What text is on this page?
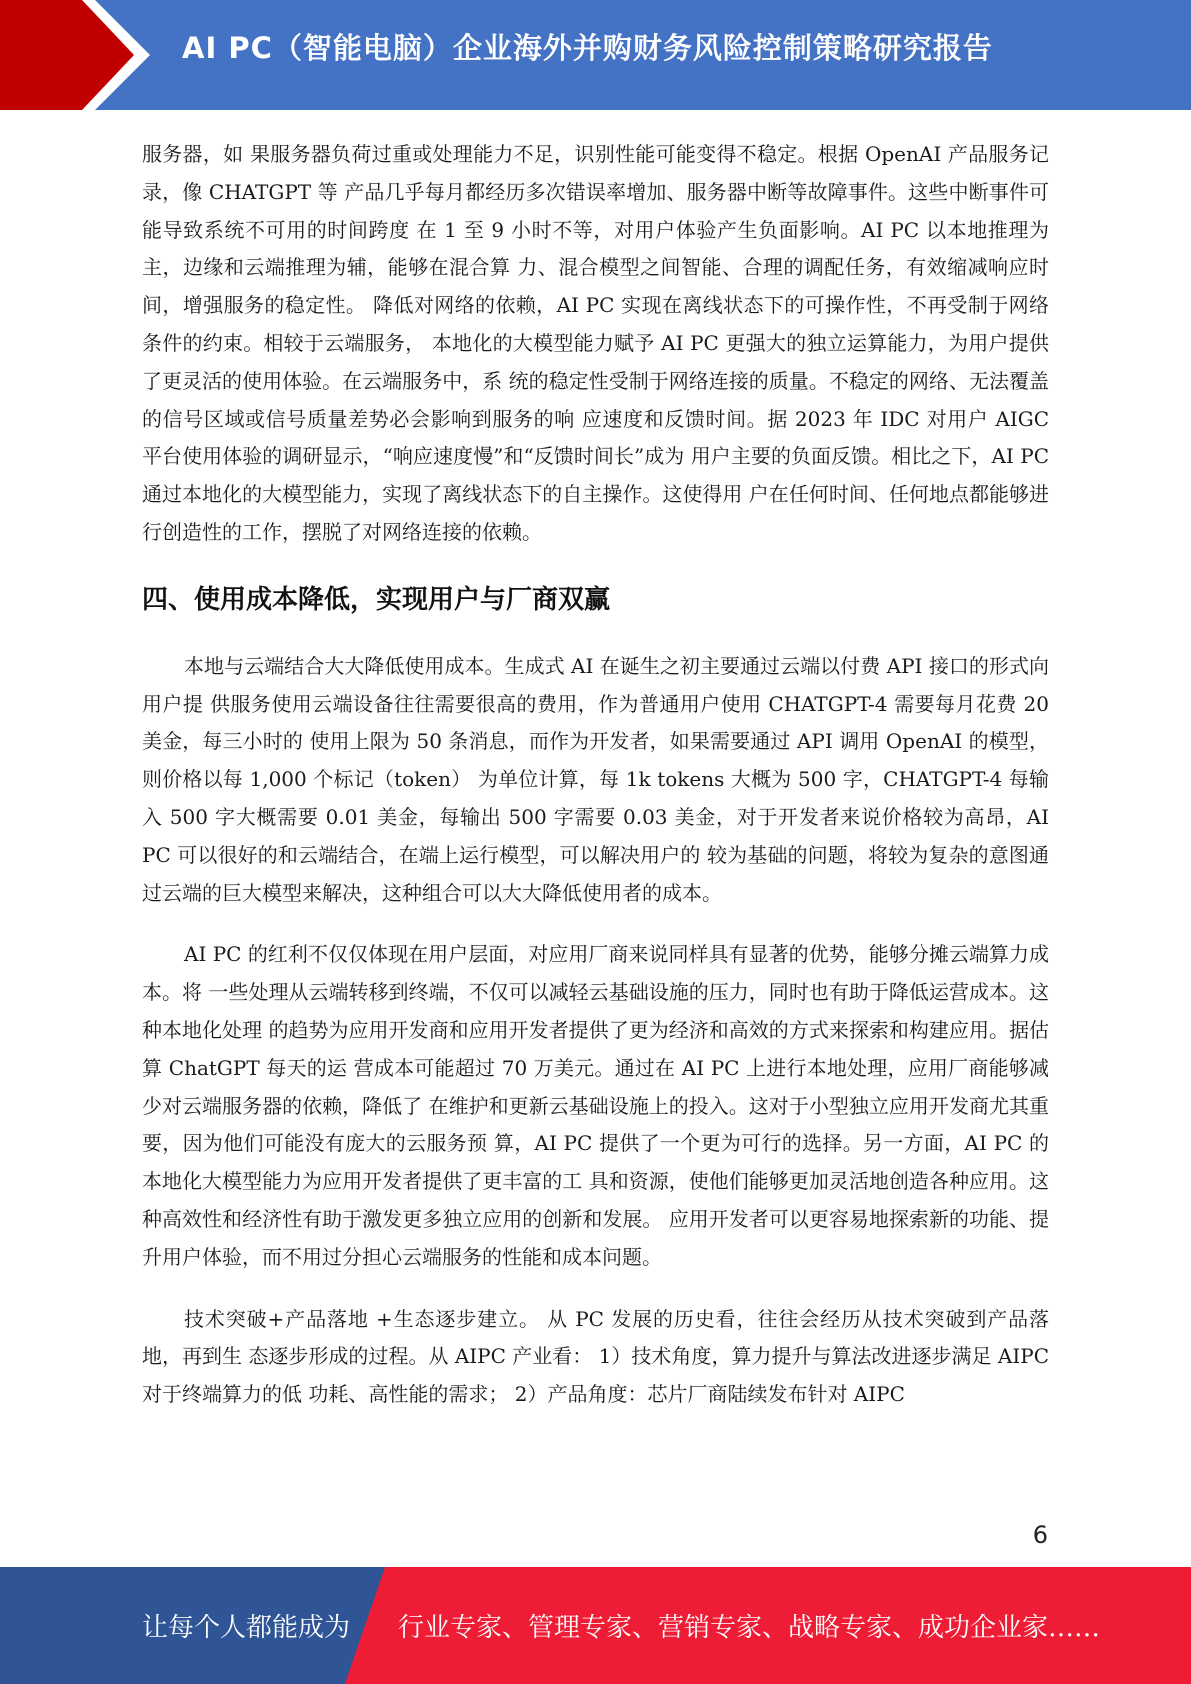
AI PC（智能电脑）企业海外并购财务风险控制策略研究报告

服务器，如 果服务器负荷过重或处理能力不足，识别性能可能变得不稳定。根据 OpenAI 产品服务记录，像 CHATGPT 等 产品几乎每月都经历多次错误率增加、服务器中断等故障事件。这些中断事件可能导致系统不可用的时间跨度 在 1 至 9 小时不等，对用户体验产生负面影响。AI PC 以本地推理为主，边缘和云端推理为辅，能够在混合算 力、混合模型之间智能、合理的调配任务，有效缩减响应时间，增强服务的稳定性。 降低对网络的依赖，AI PC 实现在离线状态下的可操作性，不再受制于网络条件的约束。相较于云端服务， 本地化的大模型能力赋予 AI PC 更强大的独立运算能力，为用户提供了更灵活的使用体验。在云端服务中，系 统的稳定性受制于网络连接的质量。不稳定的网络、无法覆盖的信号区域或信号质量差势必会影响到服务的响 应速度和反馈时间。据 2023 年 IDC 对用户 AIGC 平台使用体验的调研显示，“响应速度慢”和“反馈时间长”成为 用户主要的负面反馈。相比之下，AI PC 通过本地化的大模型能力，实现了离线状态下的自主操作。这使得用 户在任何时间、任何地点都能够进行创造性的工作，摆脱了对网络连接的依赖。

四、使用成本降低，实现用户与厂商双赢

本地与云端结合大大降低使用成本。生成式 AI 在诞生之初主要通过云端以付费 API 接口的形式向用户提 供服务使用云端设备往往需要很高的费用，作为普通用户使用 CHATGPT-4 需要每月花费 20 美金，每三小时的 使用上限为 50 条消息，而作为开发者，如果需要通过 API 调用 OpenAI 的模型，则价格以每 1,000 个标记（token） 为单位计算，每 1k tokens 大概为 500 字，CHATGPT-4 每输入 500 字大概需要 0.01 美金，每输出 500 字需要 0.03 美金，对于开发者来说价格较为高昂，AI PC 可以很好的和云端结合，在端上运行模型，可以解决用户的 较为基础的问题，将较为复杂的意图通过云端的巨大模型来解决，这种组合可以大大降低使用者的成本。

AI PC 的红利不仅仅体现在用户层面，对应用厂商来说同样具有显著的优势，能够分摊云端算力成本。将 一些处理从云端转移到终端，不仅可以减轻云基础设施的压力，同时也有助于降低运营成本。这种本地化处理 的趋势为应用开发商和应用开发者提供了更为经济和高效的方式来探索和构建应用。据估算 ChatGPT 每天的运 营成本可能超过 70 万美元。通过在 AI PC 上进行本地处理，应用厂商能够减少对云端服务器的依赖，降低了 在维护和更新云基础设施上的投入。这对于小型独立应用开发商尤其重要，因为他们可能没有庞大的云服务预 算，AI PC 提供了一个更为可行的选择。另一方面，AI PC 的本地化大模型能力为应用开发者提供了更丰富的工 具和资源，使他们能够更加灵活地创造各种应用。这种高效性和经济性有助于激发更多独立应用的创新和发展。 应用开发者可以更容易地探索新的功能、提升用户体验，而不用过分担心云端服务的性能和成本问题。

技术突破+产品落地 +生态逐步建立。 从 PC 发展的历史看，往往会经历从技术突破到产品落地，再到生 态逐步形成的过程。从 AIPC 产业看： 1）技术角度，算力提升与算法改进逐步满足 AIPC 对于终端算力的低 功耗、高性能的需求； 2）产品角度：芯片厂商陆续发布针对 AIPC

6
让每个人都能成为 行业专家、管理专家、营销专家、战略专家、成功企业家……
